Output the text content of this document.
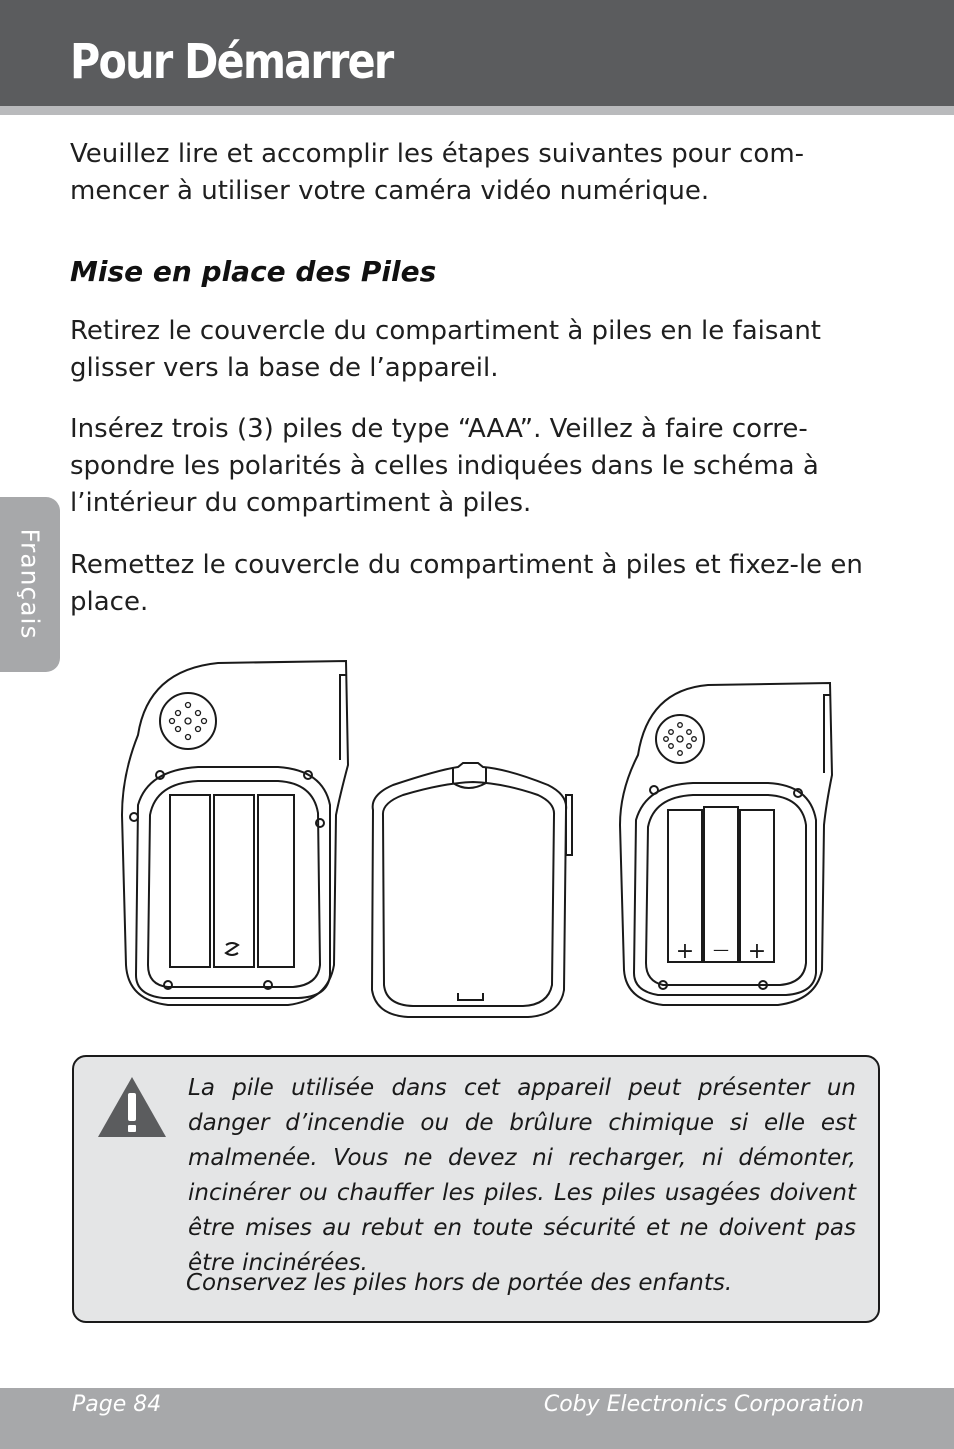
Pour Démarrer
Français

Veuillez lire et accomplir les étapes suivantes pour commencer à utiliser votre caméra vidéo numérique.

Mise en place des Piles

Retirez le couvercle du compartiment à piles en le faisant glisser vers la base de l’appareil.

Insérez trois (3) piles de type “AAA”. Veillez à faire correspondre les polarités à celles indiquées dans le schéma à l’intérieur du compartiment à piles.

Remettez le couvercle du compartiment à piles et fixez-le en place.

+ — +

La pile utilisée dans cet appareil peut présenter un danger d’incendie ou de brûlure chimique si elle est malmenée. Vous ne devez ni recharger, ni démonter, incinérer ou chauffer les piles. Les piles usagées doivent être mises au rebut en toute sécurité et ne doivent pas être incinérées.

Conservez les piles hors de portée des enfants.

Page 84	Coby Electronics Corporation
